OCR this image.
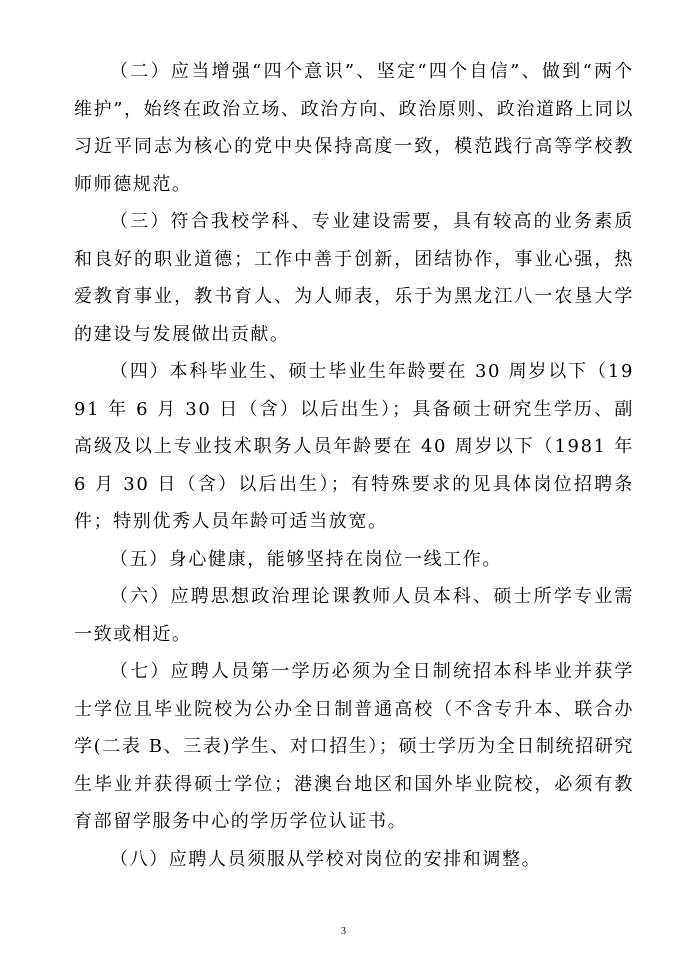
（二）应当增强“四个意识”、坚定“四个自信”、做到“两个维护”，始终在政治立场、政治方向、政治原则、政治道路上同以习近平同志为核心的党中央保持高度一致，模范践行高等学校教师师德规范。

（三）符合我校学科、专业建设需要，具有较高的业务素质和良好的职业道德；工作中善于创新，团结协作，事业心强，热爱教育事业，教书育人、为人师表，乐于为黑龙江八一农垦大学的建设与发展做出贡献。

（四）本科毕业生、硕士毕业生年龄要在 30 周岁以下（1991 年 6 月 30 日（含）以后出生）；具备硕士研究生学历、副高级及以上专业技术职务人员年龄要在 40 周岁以下（1981 年 6 月 30 日（含）以后出生）；有特殊要求的见具体岗位招聘条件；特别优秀人员年龄可适当放宽。

（五）身心健康，能够坚持在岗位一线工作。

（六）应聘思想政治理论课教师人员本科、硕士所学专业需一致或相近。

（七）应聘人员第一学历必须为全日制统招本科毕业并获学士学位且毕业院校为公办全日制普通高校（不含专升本、联合办学(二表 B、三表)学生、对口招生）；硕士学历为全日制统招研究生毕业并获得硕士学位；港澳台地区和国外毕业院校，必须有教育部留学服务中心的学历学位认证书。

（八）应聘人员须服从学校对岗位的安排和调整。

3
